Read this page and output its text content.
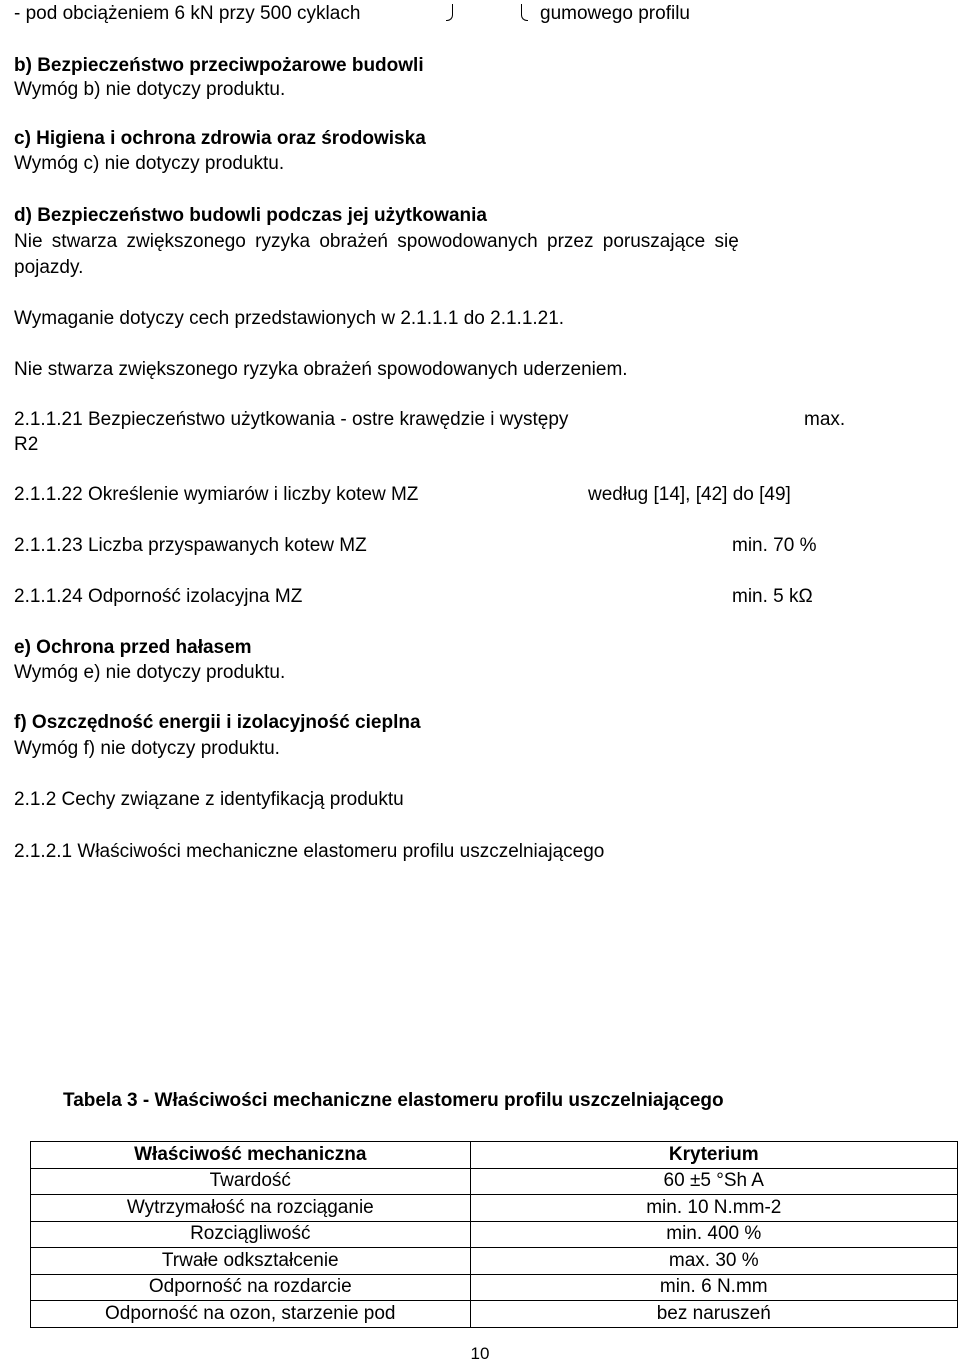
- pod obciążeniem 6 kN przy 500 cyklach	gumowego profilu
b) Bezpieczeństwo przeciwpożarowe budowli
Wymóg b) nie dotyczy produktu.
c) Higiena i ochrona zdrowia oraz środowiska
Wymóg c) nie dotyczy produktu.
d) Bezpieczeństwo budowli podczas jej użytkowania
Nie stwarza zwiększonego ryzyka obrażeń spowodowanych przez poruszające się
pojazdy.
Wymaganie dotyczy cech przedstawionych w 2.1.1.1 do 2.1.1.21.
Nie stwarza zwiększonego ryzyka obrażeń spowodowanych uderzeniem.
2.1.1.21 Bezpieczeństwo użytkowania - ostre krawędzie i występy	max.
R2
2.1.1.22 Określenie wymiarów i liczby kotew MZ	według [14], [42] do [49]
2.1.1.23 Liczba przyspawanych kotew MZ	min. 70 %
2.1.1.24 Odporność izolacyjna MZ	min. 5 kΩ
e) Ochrona przed hałasem
Wymóg e) nie dotyczy produktu.
f) Oszczędność energii i izolacyjność cieplna
Wymóg f) nie dotyczy produktu.
2.1.2 Cechy związane z identyfikacją produktu
2.1.2.1 Właściwości mechaniczne elastomeru profilu uszczelniającego
Tabela 3 - Właściwości mechaniczne elastomeru profilu uszczelniającego
Właściwość mechaniczna	Kryterium
Twardość	60 ±5 °Sh A
Wytrzymałość na rozciąganie	min. 10 N.mm-2
Rozciągliwość	min. 400 %
Trwałe odkształcenie	max. 30 %
Odporność na rozdarcie	min. 6 N.mm
Odporność na ozon, starzenie pod	bez naruszeń
10
